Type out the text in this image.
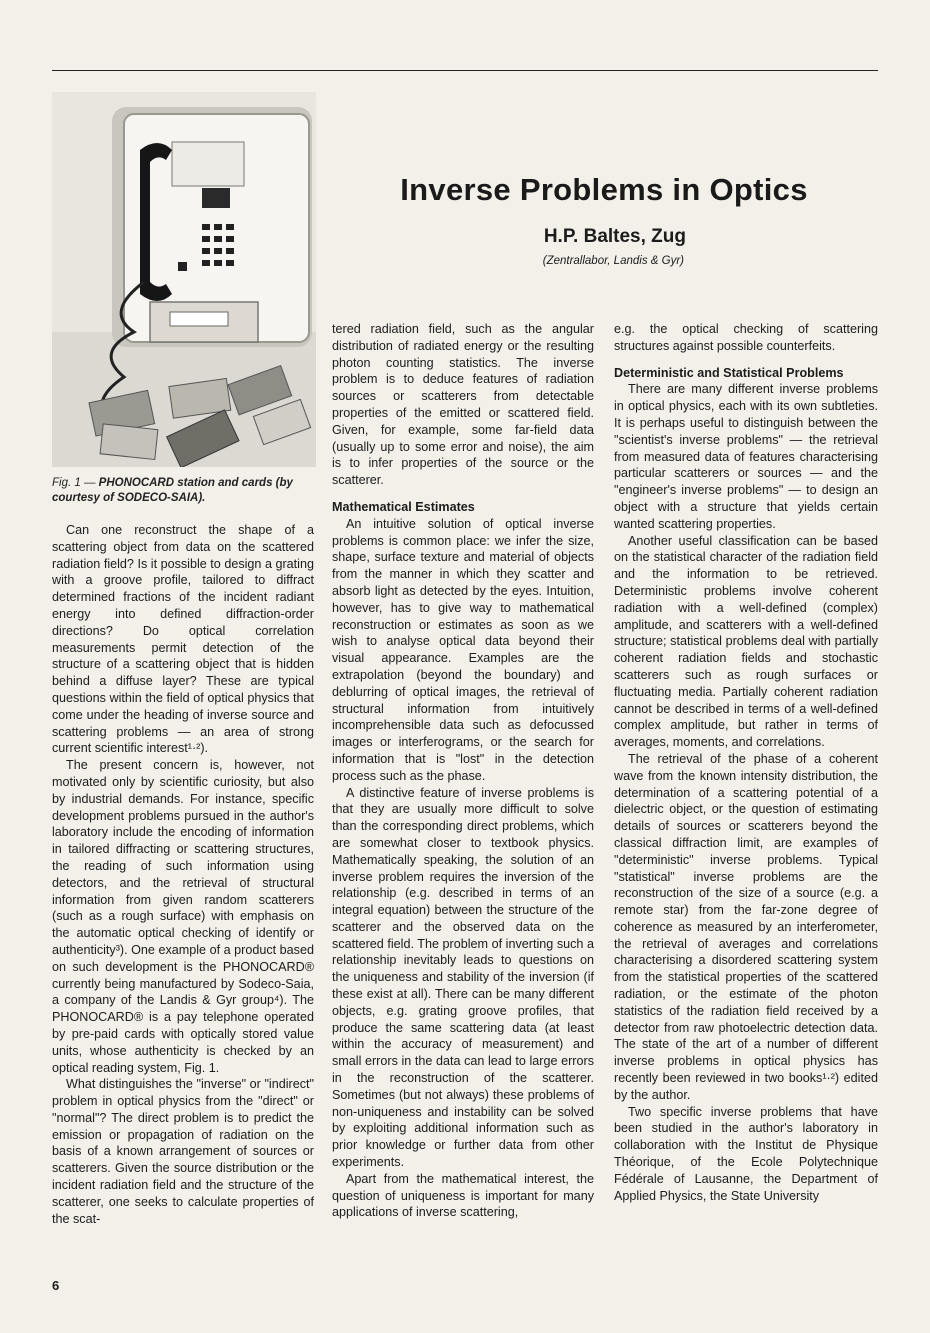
Fig. 1 — PHONOCARD station and cards (by courtesy of SODECO-SAIA).
Inverse Problems in Optics
H.P. Baltes, Zug
(Zentrallabor, Landis & Gyr)

Can one reconstruct the shape of a scattering object from data on the scattered radiation field? Is it possible to design a grating with a groove profile, tailored to diffract determined fractions of the incident radiant energy into defined diffraction-order directions? Do optical correlation measurements permit detection of the structure of a scattering object that is hidden behind a diffuse layer? These are typical questions within the field of optical physics that come under the heading of inverse source and scattering problems — an area of strong current scientific interest¹·²).

The present concern is, however, not motivated only by scientific curiosity, but also by industrial demands. For instance, specific development problems pursued in the author's laboratory include the encoding of information in tailored diffracting or scattering structures, the reading of such information using detectors, and the retrieval of structural information from given random scatterers (such as a rough surface) with emphasis on the automatic optical checking of identify or authenticity³). One example of a product based on such development is the PHONOCARD® currently being manufactured by Sodeco-Saia, a company of the Landis & Gyr group⁴). The PHONOCARD® is a pay telephone operated by pre-paid cards with optically stored value units, whose authenticity is checked by an optical reading system, Fig. 1.

What distinguishes the "inverse" or "indirect" problem in optical physics from the "direct" or "normal"? The direct problem is to predict the emission or propagation of radiation on the basis of a known arrangement of sources or scatterers. Given the source distribution or the incident radiation field and the structure of the scatterer, one seeks to calculate properties of the scat-

tered radiation field, such as the angular distribution of radiated energy or the resulting photon counting statistics. The inverse problem is to deduce features of radiation sources or scatterers from detectable properties of the emitted or scattered field. Given, for example, some far-field data (usually up to some error and noise), the aim is to infer properties of the source or the scatterer.

Mathematical Estimates

An intuitive solution of optical inverse problems is common place: we infer the size, shape, surface texture and material of objects from the manner in which they scatter and absorb light as detected by the eyes. Intuition, however, has to give way to mathematical reconstruction or estimates as soon as we wish to analyse optical data beyond their visual appearance. Examples are the extrapolation (beyond the boundary) and deblurring of optical images, the retrieval of structural information from intuitively incomprehensible data such as defocussed images or interferograms, or the search for information that is "lost" in the detection process such as the phase.

A distinctive feature of inverse problems is that they are usually more difficult to solve than the corresponding direct problems, which are somewhat closer to textbook physics. Mathematically speaking, the solution of an inverse problem requires the inversion of the relationship (e.g. described in terms of an integral equation) between the structure of the scatterer and the observed data on the scattered field. The problem of inverting such a relationship inevitably leads to questions on the uniqueness and stability of the inversion (if these exist at all). There can be many different objects, e.g. grating groove profiles, that produce the same scattering data (at least within the accuracy of measurement) and small errors in the data can lead to large errors in the reconstruction of the scatterer. Sometimes (but not always) these problems of non-uniqueness and instability can be solved by exploiting additional information such as prior knowledge or further data from other experiments.

Apart from the mathematical interest, the question of uniqueness is important for many applications of inverse scattering,

e.g. the optical checking of scattering structures against possible counterfeits.

Deterministic and Statistical Problems

There are many different inverse problems in optical physics, each with its own subtleties. It is perhaps useful to distinguish between the "scientist's inverse problems" — the retrieval from measured data of features characterising particular scatterers or sources — and the "engineer's inverse problems" — to design an object with a structure that yields certain wanted scattering properties.

Another useful classification can be based on the statistical character of the radiation field and the information to be retrieved. Deterministic problems involve coherent radiation with a well-defined (complex) amplitude, and scatterers with a well-defined structure; statistical problems deal with partially coherent radiation fields and stochastic scatterers such as rough surfaces or fluctuating media. Partially coherent radiation cannot be described in terms of a well-defined complex amplitude, but rather in terms of averages, moments, and correlations.

The retrieval of the phase of a coherent wave from the known intensity distribution, the determination of a scattering potential of a dielectric object, or the question of estimating details of sources or scatterers beyond the classical diffraction limit, are examples of "deterministic" inverse problems. Typical "statistical" inverse problems are the reconstruction of the size of a source (e.g. a remote star) from the far-zone degree of coherence as measured by an interferometer, the retrieval of averages and correlations characterising a disordered scattering system from the statistical properties of the scattered radiation, or the estimate of the photon statistics of the radiation field received by a detector from raw photoelectric detection data. The state of the art of a number of different inverse problems in optical physics has recently been reviewed in two books¹·²) edited by the author.

Two specific inverse problems that have been studied in the author's laboratory in collaboration with the Institut de Physique Théorique, of the Ecole Polytechnique Fédérale of Lausanne, the Department of Applied Physics, the State University

6
